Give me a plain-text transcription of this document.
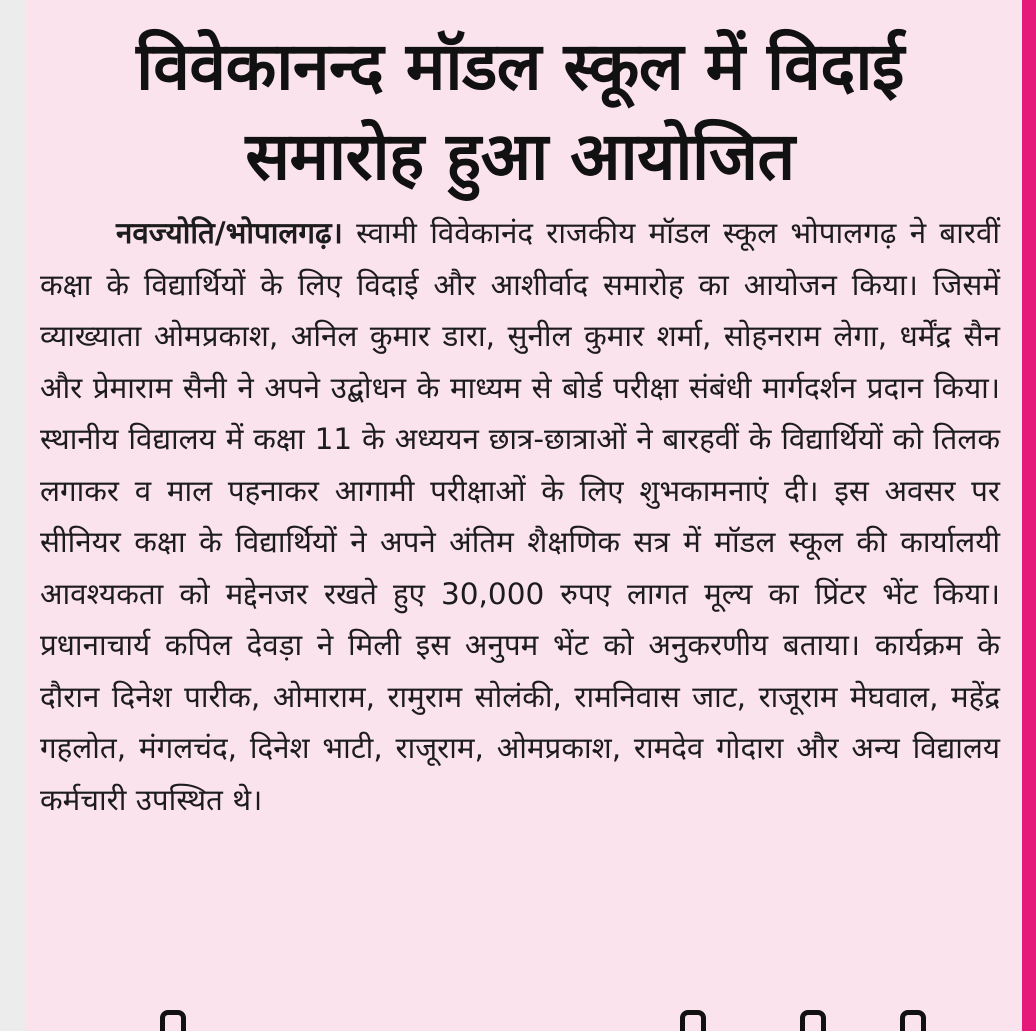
विवेकानन्द मॉडल स्कूल में विदाई
समारोह हुआ आयोजित

नवज्योति/भोपालगढ़। स्वामी विवेकानंद राजकीय मॉडल स्कूल भोपालगढ़ ने बारवीं कक्षा के विद्यार्थियों के लिए विदाई और आशीर्वाद समारोह का आयोजन किया। जिसमें व्याख्याता ओमप्रकाश, अनिल कुमार डारा, सुनील कुमार शर्मा, सोहनराम लेगा, धर्मेंद्र सैन और प्रेमाराम सैनी ने अपने उद्बोधन के माध्यम से बोर्ड परीक्षा संबंधी मार्गदर्शन प्रदान किया। स्थानीय विद्यालय में कक्षा 11 के अध्ययन छात्र-छात्राओं ने बारहवीं के विद्यार्थियों को तिलक लगाकर व माल पहनाकर आगामी परीक्षाओं के लिए शुभकामनाएं दी। इस अवसर पर सीनियर कक्षा के विद्यार्थियों ने अपने अंतिम शैक्षणिक सत्र में मॉडल स्कूल की कार्यालयी आवश्यकता को मद्देनजर रखते हुए 30,000 रुपए लागत मूल्य का प्रिंटर भेंट किया। प्रधानाचार्य कपिल देवड़ा ने मिली इस अनुपम भेंट को अनुकरणीय बताया। कार्यक्रम के दौरान दिनेश पारीक, ओमाराम, रामुराम सोलंकी, रामनिवास जाट, राजूराम मेघवाल, महेंद्र गहलोत, मंगलचंद, दिनेश भाटी, राजूराम, ओमप्रकाश, रामदेव गोदारा और अन्य विद्यालय कर्मचारी उपस्थित थे।
